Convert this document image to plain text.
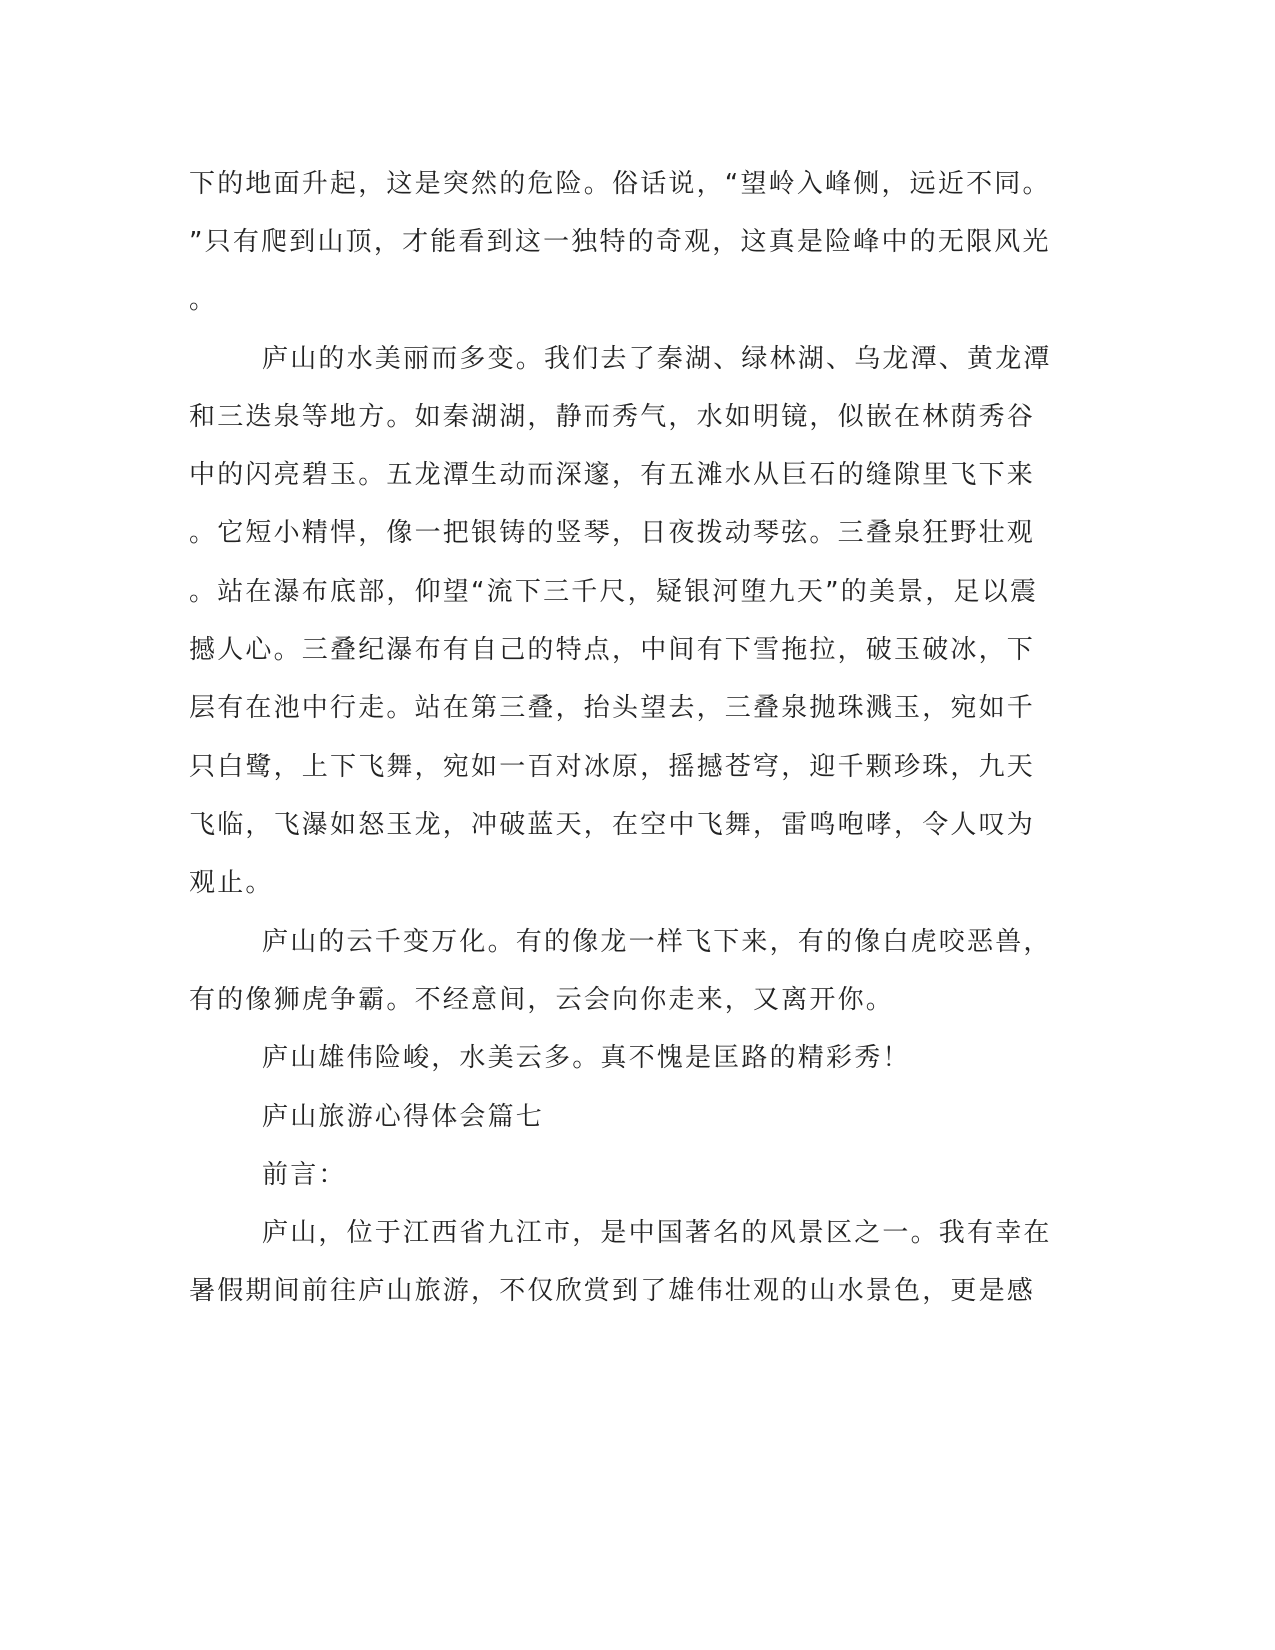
下的地面升起，这是突然的危险。俗话说，“望岭入峰侧，远近不同。
”只有爬到山顶，才能看到这一独特的奇观，这真是险峰中的无限风光
。
庐山的水美丽而多变。我们去了秦湖、绿林湖、乌龙潭、黄龙潭
和三迭泉等地方。如秦湖湖，静而秀气，水如明镜，似嵌在林荫秀谷
中的闪亮碧玉。五龙潭生动而深邃，有五滩水从巨石的缝隙里飞下来
。它短小精悍，像一把银铸的竖琴，日夜拨动琴弦。三叠泉狂野壮观
。站在瀑布底部，仰望“流下三千尺，疑银河堕九天”的美景，足以震
撼人心。三叠纪瀑布有自己的特点，中间有下雪拖拉，破玉破冰，下
层有在池中行走。站在第三叠，抬头望去，三叠泉抛珠溅玉，宛如千
只白鹭，上下飞舞，宛如一百对冰原，摇撼苍穹，迎千颗珍珠，九天
飞临，飞瀑如怒玉龙，冲破蓝天，在空中飞舞，雷鸣咆哮，令人叹为
观止。
庐山的云千变万化。有的像龙一样飞下来，有的像白虎咬恶兽，
有的像狮虎争霸。不经意间，云会向你走来，又离开你。
庐山雄伟险峻，水美云多。真不愧是匡路的精彩秀！
庐山旅游心得体会篇七
前言：
庐山，位于江西省九江市，是中国著名的风景区之一。我有幸在
暑假期间前往庐山旅游，不仅欣赏到了雄伟壮观的山水景色，更是感
